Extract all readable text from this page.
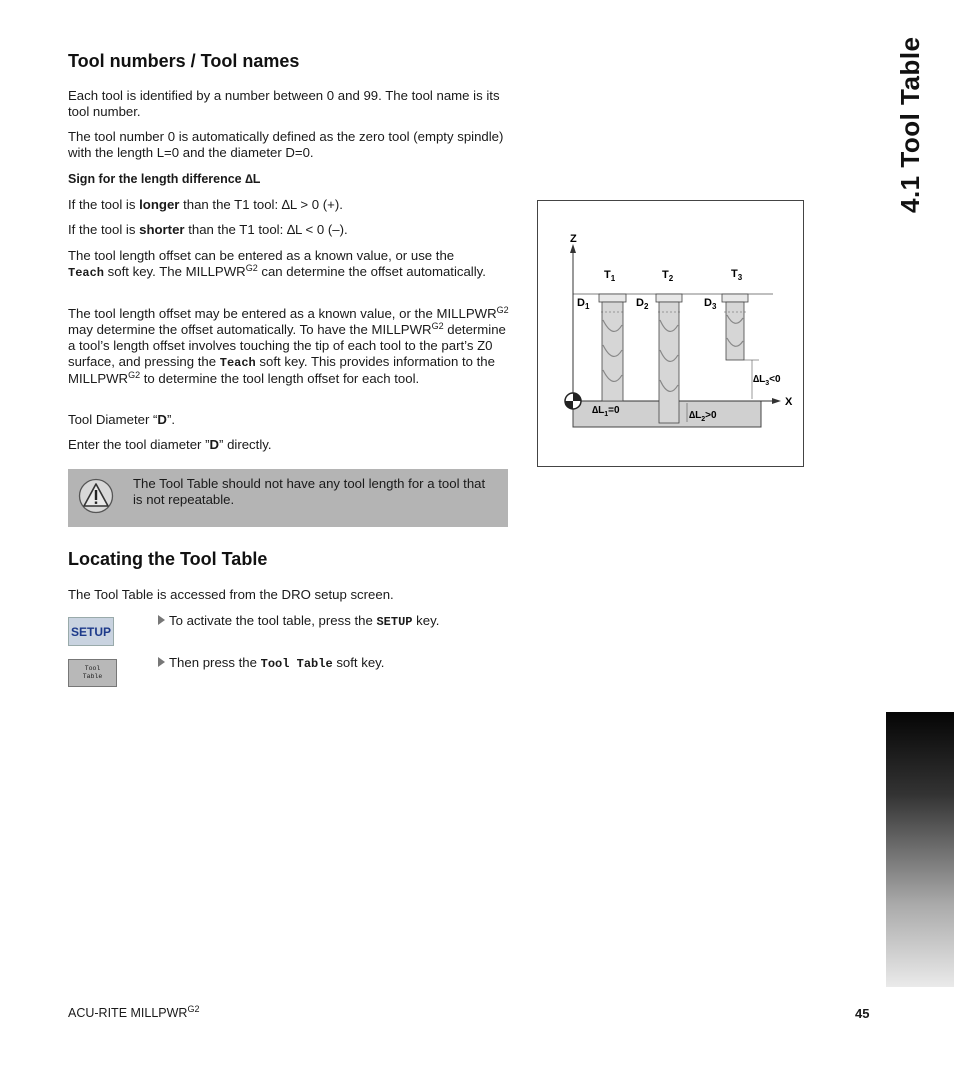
4.1 Tool Table
Tool numbers / Tool names

Each tool is identified by a number between 0 and 99. The tool name is its tool number.

The tool number 0 is automatically defined as the zero tool (empty spindle) with the length L=0 and the diameter D=0.

Sign for the length difference ∆L

If the tool is longer than the T1 tool: ∆L > 0 (+).

If the tool is shorter than the T1 tool: ∆L < 0 (–).

The tool length offset can be entered as a known value, or use the
Teach soft key. The $MILLPWR^{G2}$ can determine the offset automatically.

The tool length offset may be entered as a known value, or the $MILLPWR^{G2}$ may determine the offset automatically. To have the $MILLPWR^{G2}$ determine a tool’s length offset involves touching the tip of each tool to the part’s Z0 surface, and pressing the Teach soft key. This provides information to the $MILLPWR^{G2}$ to determine the tool length offset for each tool.

Tool Diameter “D”.

Enter the tool diameter ”D” directly.

The Tool Table should not have any tool length for a tool that is not repeatable.

Z
X
$T_1$	$T_2$	$T_3$
$D_1$	$D_2$	$D_3$
$\Delta L_1=0$	$\Delta L_2>0$
$\Delta L_3<0$
Locating the Tool Table

The Tool Table is accessed from the DRO setup screen.

SETUP
Tool
Table
To activate the tool table, press the SETUP key.
Then press the Tool Table soft key.
ACU-RITE $MILLPWR^{G2}$	45
